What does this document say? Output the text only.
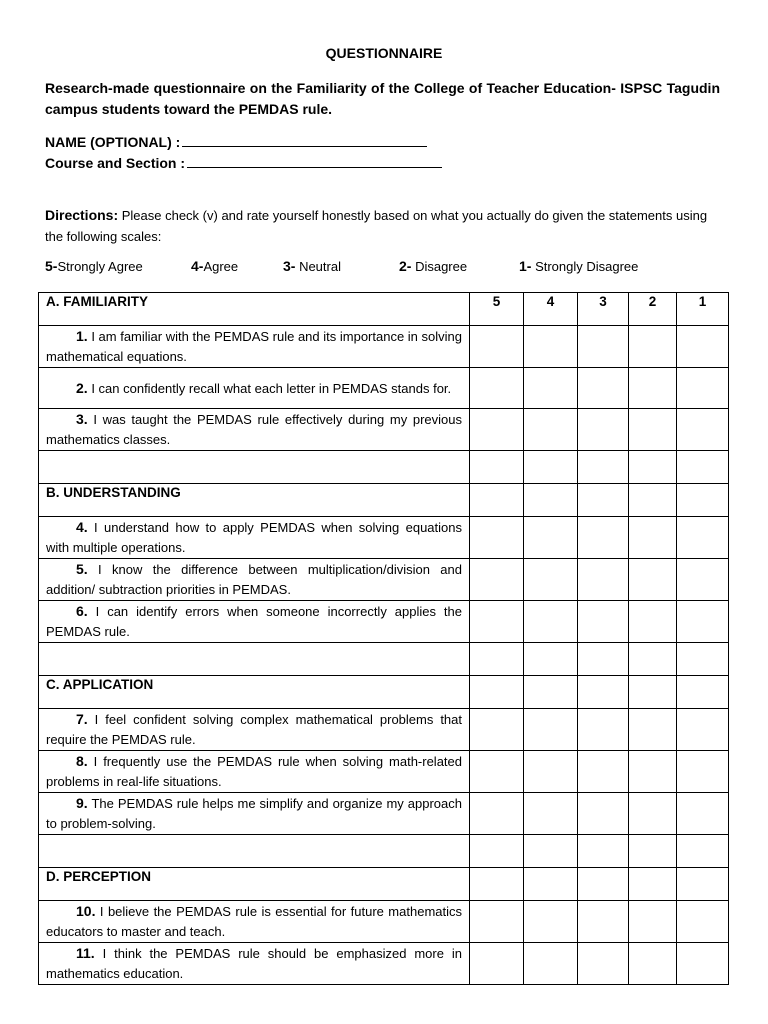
QUESTIONNAIRE
Research-made questionnaire on the Familiarity of the College of Teacher Education- ISPSC Tagudin campus students toward the PEMDAS rule.
NAME (OPTIONAL) :
Course and Section :
Directions: Please check (v) and rate yourself honestly based on what you actually do given the statements using the following scales:
5-Strongly Agree	4-Agree	3- Neutral	2- Disagree	1- Strongly Disagree
A. FAMILIARITY	5	4	3	2	1

1. I am familiar with the PEMDAS rule and its importance in solving mathematical equations.					

2. I can confidently recall what each letter in PEMDAS stands for.					

3. I was taught the PEMDAS rule effectively during my previous mathematics classes.					

B. UNDERSTANDING					

4. I understand how to apply PEMDAS when solving equations with multiple operations.					

5. I know the difference between multiplication/division and addition/ subtraction priorities in PEMDAS.					

6. I can identify errors when someone incorrectly applies the PEMDAS rule.					

C. APPLICATION					

7. I feel confident solving complex mathematical problems that require the PEMDAS rule.					

8. I frequently use the PEMDAS rule when solving math-related problems in real-life situations.					

9. The PEMDAS rule helps me simplify and organize my approach to problem-solving.					

D. PERCEPTION					

10. I believe the PEMDAS rule is essential for future mathematics educators to master and teach.					

11. I think the PEMDAS rule should be emphasized more in mathematics education.					
